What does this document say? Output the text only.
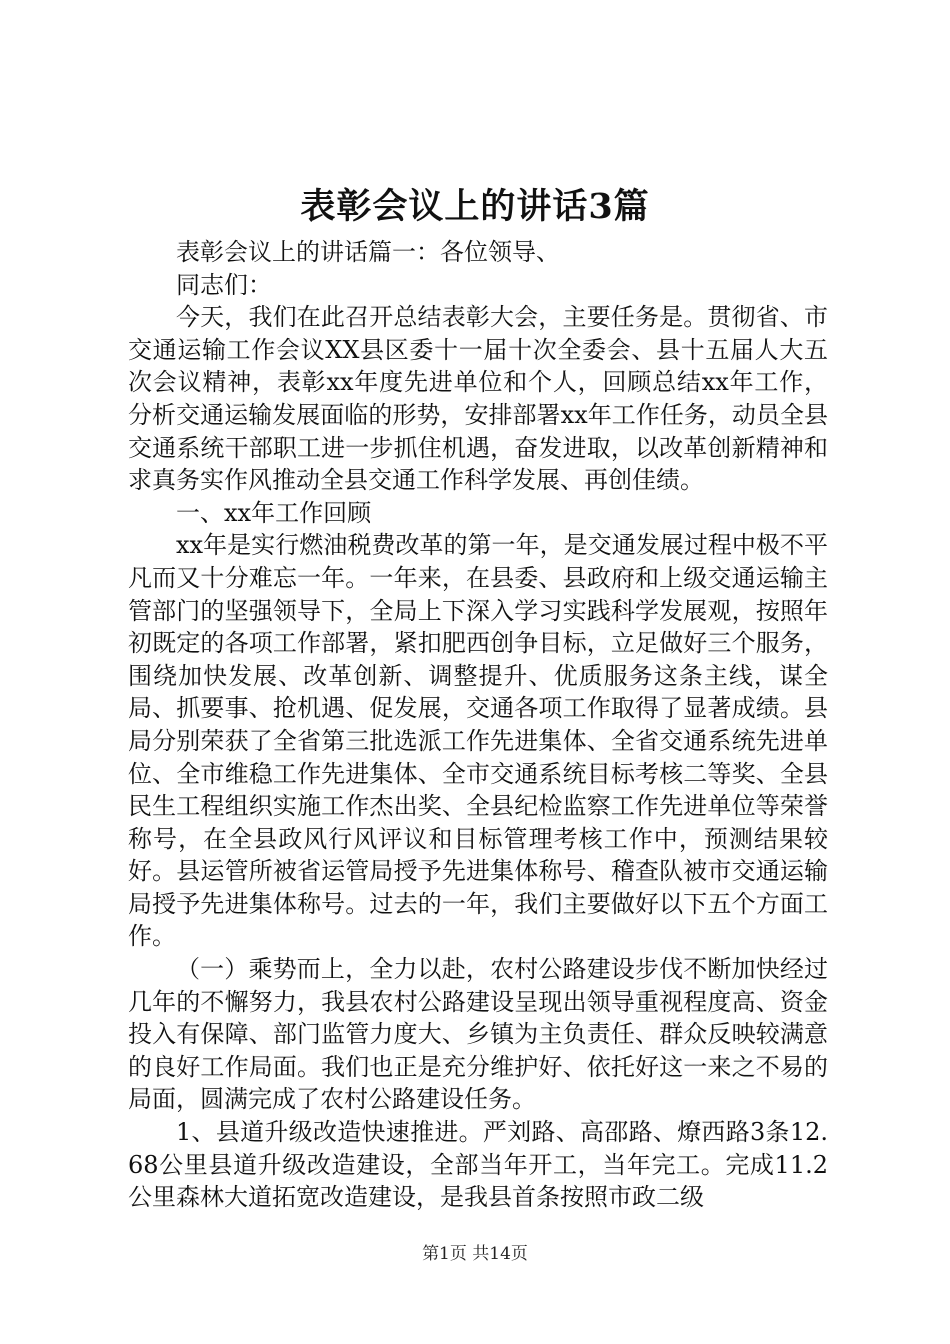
表彰会议上的讲话3篇

表彰会议上的讲话篇一：各位领导、

同志们：

今天，我们在此召开总结表彰大会，主要任务是。贯彻省、市交通运输工作会议XX县区委十一届十次全委会、县十五届人大五次会议精神，表彰xx年度先进单位和个人，回顾总结xx年工作，分析交通运输发展面临的形势，安排部署xx年工作任务，动员全县交通系统干部职工进一步抓住机遇，奋发进取，以改革创新精神和求真务实作风推动全县交通工作科学发展、再创佳绩。

一、xx年工作回顾

xx年是实行燃油税费改革的第一年，是交通发展过程中极不平凡而又十分难忘一年。一年来，在县委、县政府和上级交通运输主管部门的坚强领导下，全局上下深入学习实践科学发展观，按照年初既定的各项工作部署，紧扣肥西创争目标，立足做好三个服务，围绕加快发展、改革创新、调整提升、优质服务这条主线，谋全局、抓要事、抢机遇、促发展，交通各项工作取得了显著成绩。县局分别荣获了全省第三批选派工作先进集体、全省交通系统先进单位、全市维稳工作先进集体、全市交通系统目标考核二等奖、全县民生工程组织实施工作杰出奖、全县纪检监察工作先进单位等荣誉称号，在全县政风行风评议和目标管理考核工作中，预测结果较好。县运管所被省运管局授予先进集体称号、稽查队被市交通运输局授予先进集体称号。过去的一年，我们主要做好以下五个方面工作。

（一）乘势而上，全力以赴，农村公路建设步伐不断加快经过几年的不懈努力，我县农村公路建设呈现出领导重视程度高、资金投入有保障、部门监管力度大、乡镇为主负责任、群众反映较满意的良好工作局面。我们也正是充分维护好、依托好这一来之不易的局面，圆满完成了农村公路建设任务。

1、县道升级改造快速推进。严刘路、高邵路、燎西路3条12.68公里县道升级改造建设，全部当年开工，当年完工。完成11.2公里森林大道拓宽改造建设，是我县首条按照市政二级

第1页 共14页
